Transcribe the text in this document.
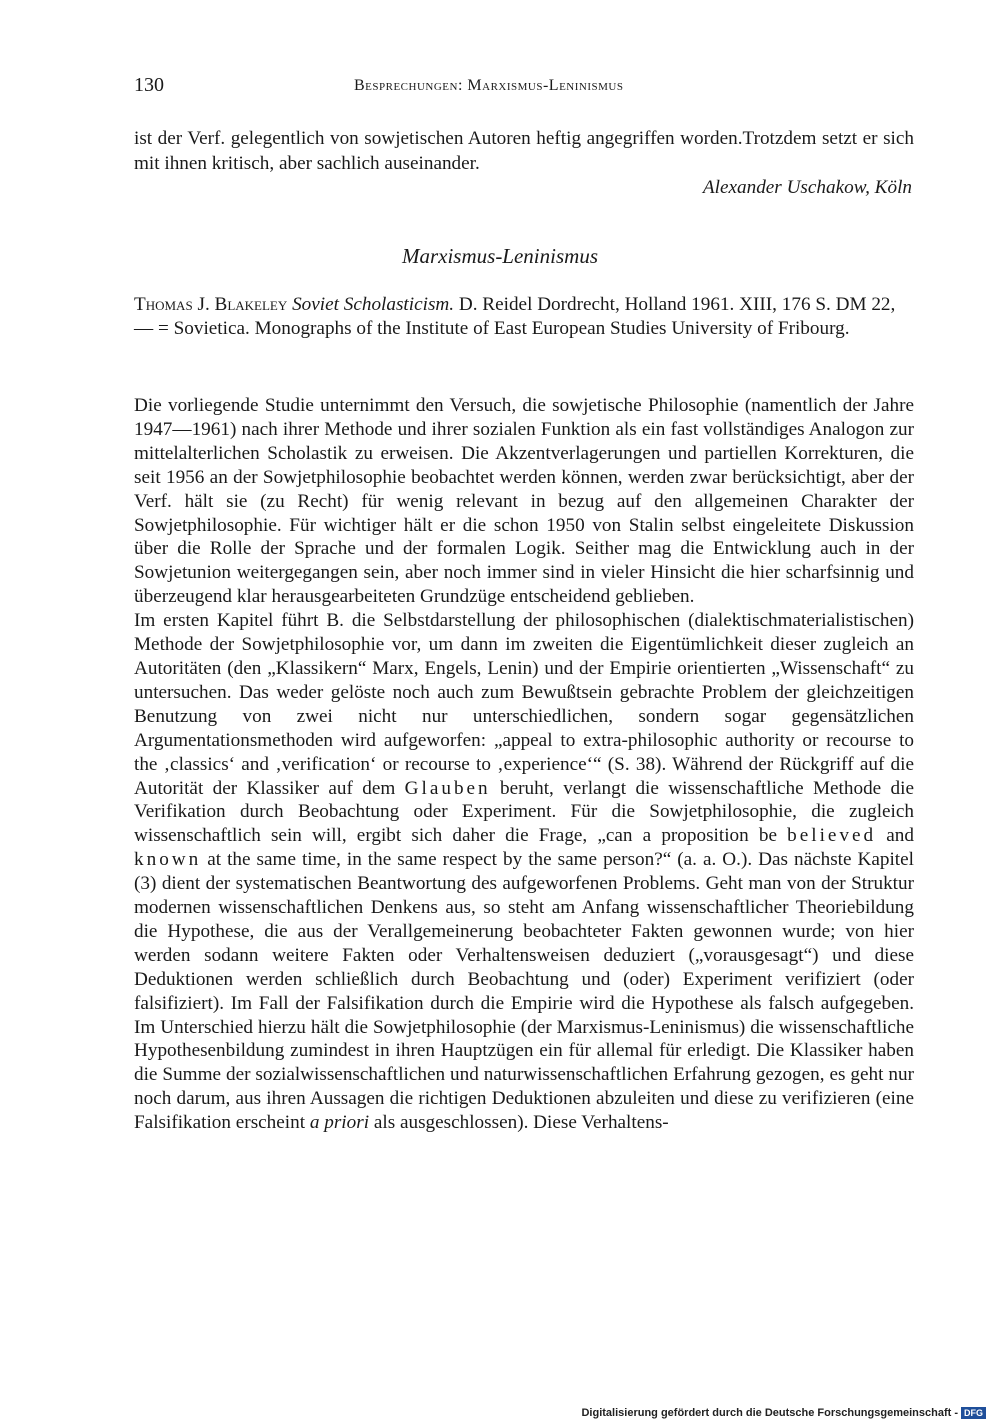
130	Besprechungen: Marxismus-Leninismus
ist der Verf. gelegentlich von sowjetischen Autoren heftig angegriffen worden.Trotzdem setzt er sich mit ihnen kritisch, aber sachlich auseinander.
Alexander Uschakow, Köln
Marxismus-Leninismus
Thomas J. Blakeley Soviet Scholasticism. D. Reidel Dordrecht, Holland 1961. XIII, 176 S. DM 22,— = Sovietica. Monographs of the Institute of East European Studies University of Fribourg.

Die vorliegende Studie unternimmt den Versuch, die sowjetische Philosophie (namentlich der Jahre 1947—1961) nach ihrer Methode und ihrer sozialen Funktion als ein fast vollständiges Analogon zur mittelalterlichen Scholastik zu erweisen. Die Akzentverlagerungen und partiellen Korrekturen, die seit 1956 an der Sowjetphilosophie beobachtet werden können, werden zwar berücksichtigt, aber der Verf. hält sie (zu Recht) für wenig relevant in bezug auf den allgemeinen Charakter der Sowjetphilosophie. Für wichtiger hält er die schon 1950 von Stalin selbst eingeleitete Diskussion über die Rolle der Sprache und der formalen Logik. Seither mag die Entwicklung auch in der Sowjetunion weitergegangen sein, aber noch immer sind in vieler Hinsicht die hier scharfsinnig und überzeugend klar herausgearbeiteten Grundzüge entscheidend geblieben.

Im ersten Kapitel führt B. die Selbstdarstellung der philosophischen (dialektischmaterialistischen) Methode der Sowjetphilosophie vor, um dann im zweiten die Eigentümlichkeit dieser zugleich an Autoritäten (den „Klassikern“ Marx, Engels, Lenin) und der Empirie orientierten „Wissenschaft“ zu untersuchen. Das weder gelöste noch auch zum Bewußtsein gebrachte Problem der gleichzeitigen Benutzung von zwei nicht nur unterschiedlichen, sondern sogar gegensätzlichen Argumentationsmethoden wird aufgeworfen: „appeal to extra-philosophic authority or recourse to the ‚classics‘ and ‚verification‘ or recourse to ‚experience‘“ (S. 38). Während der Rückgriff auf die Autorität der Klassiker auf dem Glauben beruht, verlangt die wissenschaftliche Methode die Verifikation durch Beobachtung oder Experiment. Für die Sowjetphilosophie, die zugleich wissenschaftlich sein will, ergibt sich daher die Frage, „can a proposition be believed and known at the same time, in the same respect by the same person?“ (a. a. O.). Das nächste Kapitel (3) dient der systematischen Beantwortung des aufgeworfenen Problems. Geht man von der Struktur modernen wissenschaftlichen Denkens aus, so steht am Anfang wissenschaftlicher Theoriebildung die Hypothese, die aus der Verallgemeinerung beobachteter Fakten gewonnen wurde; von hier werden sodann weitere Fakten oder Verhaltensweisen deduziert („vorausgesagt“) und diese Deduktionen werden schließlich durch Beobachtung und (oder) Experiment verifiziert (oder falsifiziert). Im Fall der Falsifikation durch die Empirie wird die Hypothese als falsch aufgegeben. Im Unterschied hierzu hält die Sowjetphilosophie (der Marxismus-Leninismus) die wissenschaftliche Hypothesenbildung zumindest in ihren Hauptzügen ein für allemal für erledigt. Die Klassiker haben die Summe der sozialwissenschaftlichen und naturwissenschaftlichen Erfahrung gezogen, es geht nur noch darum, aus ihren Aussagen die richtigen Deduktionen abzuleiten und diese zu verifizieren (eine Falsifikation erscheint a priori als ausgeschlossen). Diese Verhaltens-

Digitalisierung gefördert durch die Deutsche Forschungsgemeinschaft - DFG
